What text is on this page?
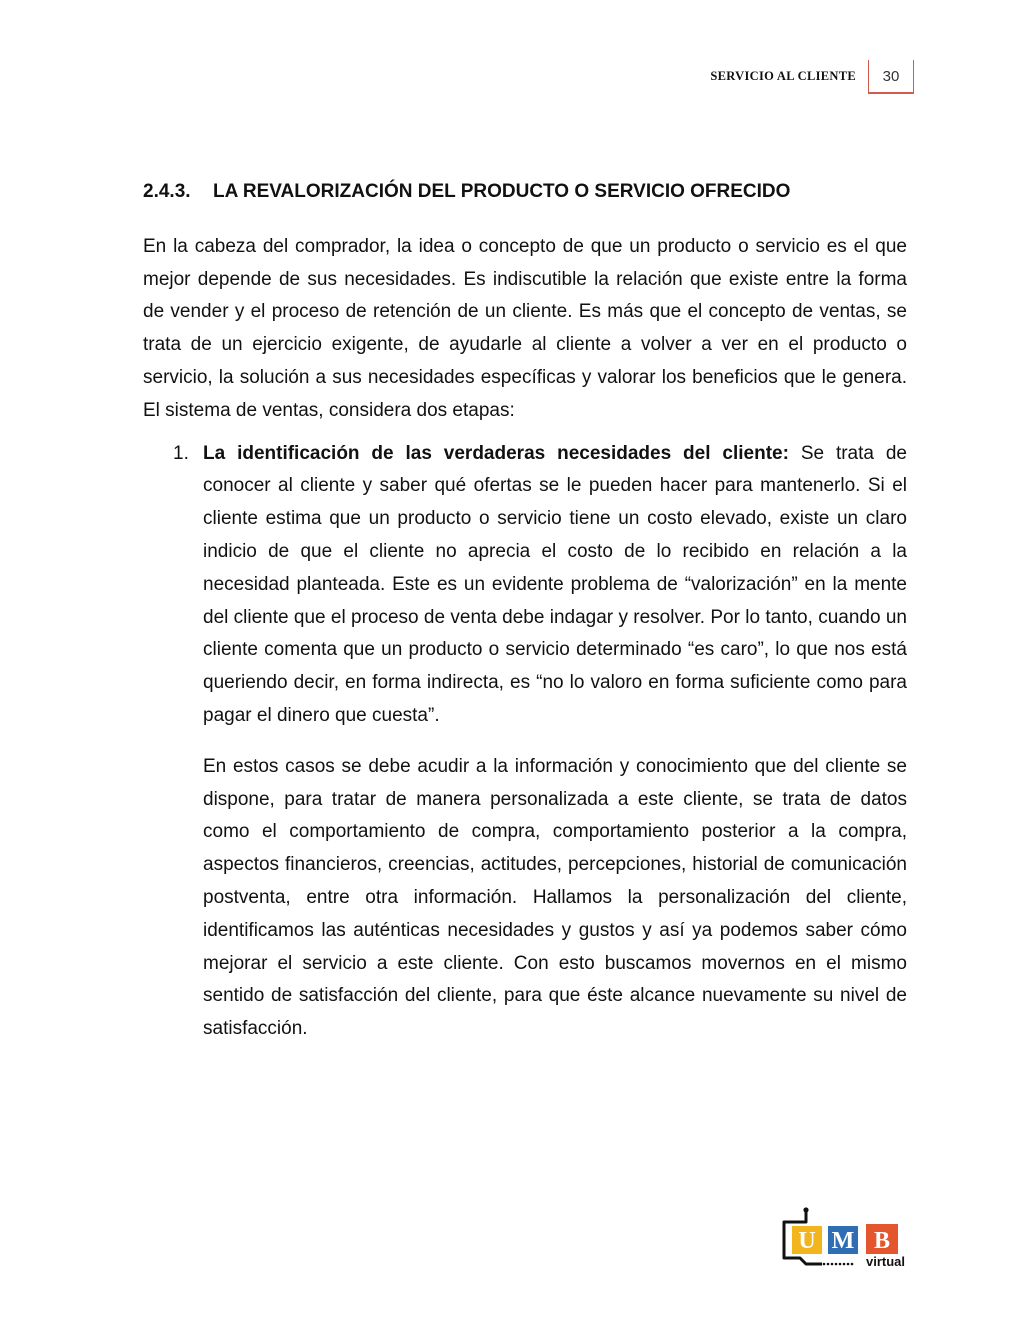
SERVICIO AL CLIENTE	30
2.4.3. LA REVALORIZACIÓN DEL PRODUCTO O SERVICIO OFRECIDO

En la cabeza del comprador, la idea o concepto de que un producto o servicio es el que mejor depende de sus necesidades. Es indiscutible la relación que existe entre la forma de vender y el proceso de retención de un cliente. Es más que el concepto de ventas, se trata de un ejercicio exigente, de ayudarle al cliente a volver a ver en el producto o servicio, la solución a sus necesidades específicas y valorar los beneficios que le genera. El sistema de ventas, considera dos etapas:

1. La identificación de las verdaderas necesidades del cliente: Se trata de conocer al cliente y saber qué ofertas se le pueden hacer para mantenerlo. Si el cliente estima que un producto o servicio tiene un costo elevado, existe un claro indicio de que el cliente no aprecia el costo de lo recibido en relación a la necesidad planteada. Este es un evidente problema de “valorización” en la mente del cliente que el proceso de venta debe indagar y resolver. Por lo tanto, cuando un cliente comenta que un producto o servicio determinado “es caro”, lo que nos está queriendo decir, en forma indirecta, es “no lo valoro en forma suficiente como para pagar el dinero que cuesta”.

En estos casos se debe acudir a la información y conocimiento que del cliente se dispone, para tratar de manera personalizada a este cliente, se trata de datos como el comportamiento de compra, comportamiento posterior a la compra, aspectos financieros, creencias, actitudes, percepciones, historial de comunicación postventa, entre otra información. Hallamos la personalización del cliente, identificamos las auténticas necesidades y gustos y así ya podemos saber cómo mejorar el servicio a este cliente. Con esto buscamos movernos en el mismo sentido de satisfacción del cliente, para que éste alcance nuevamente su nivel de satisfacción.

U M B
virtual
